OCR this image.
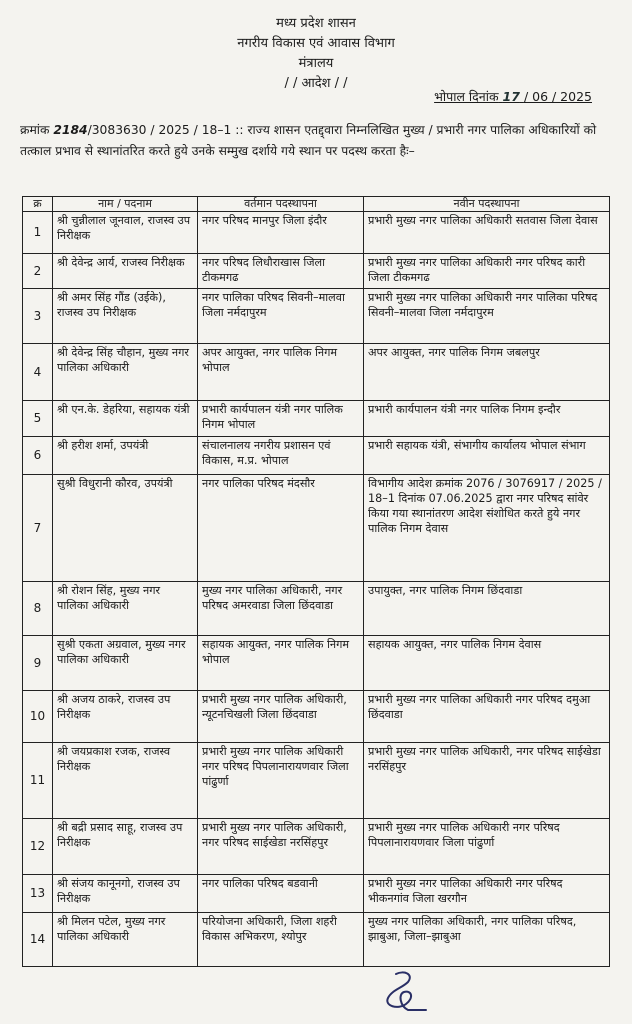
मध्य प्रदेश शासन
नगरीय विकास एवं आवास विभाग
मंत्रालय
/ / आदेश / /
भोपाल दिनांक 17 / 06 / 2025
क्रमांक 2184/3083630 / 2025 / 18–1 :: राज्य शासन एतद्द्वारा निम्नलिखित मुख्य / प्रभारी नगर पालिका अधिकारियों को तत्काल प्रभाव से स्थानांतरित करते हुये उनके सम्मुख दर्शाये गये स्थान पर पदस्थ करता हैः–
क्र	नाम / पदनाम	वर्तमान पदस्थापना	नवीन पदस्थापना
1	श्री चुन्नीलाल जूनवाल, राजस्व उप निरीक्षक	नगर परिषद मानपुर जिला इंदौर	प्रभारी मुख्य नगर पालिका अधिकारी सतवास जिला देवास
2	श्री देवेन्द्र आर्य, राजस्व निरीक्षक	नगर परिषद लिधौराखास जिला टीकमगढ	प्रभारी मुख्य नगर पालिका अधिकारी नगर परिषद कारी जिला टीकमगढ
3	श्री अमर सिंह गौंड (उईके), राजस्व उप निरीक्षक	नगर पालिका परिषद सिवनी–मालवा जिला नर्मदापुरम	प्रभारी मुख्य नगर पालिका अधिकारी नगर पालिका परिषद सिवनी–मालवा जिला नर्मदापुरम
4	श्री देवेन्द्र सिंह चौहान, मुख्य नगर पालिका अधिकारी	अपर आयुक्त, नगर पालिक निगम भोपाल	अपर आयुक्त, नगर पालिक निगम जबलपुर
5	श्री एन.के. डेहरिया, सहायक यंत्री	प्रभारी कार्यपालन यंत्री नगर पालिक निगम भोपाल	प्रभारी कार्यपालन यंत्री नगर पालिक निगम इन्दौर
6	श्री हरीश शर्मा, उपयंत्री	संचालनालय नगरीय प्रशासन एवं विकास, म.प्र. भोपाल	प्रभारी सहायक यंत्री, संभागीय कार्यालय भोपाल संभाग
7	सुश्री विधुरानी कौरव, उपयंत्री	नगर पालिका परिषद मंदसौर	विभागीय आदेश क्रमांक 2076 / 3076917 / 2025 / 18–1 दिनांक 07.06.2025 द्वारा नगर परिषद सांवेर किया गया स्थानांतरण आदेश संशोधित करते हुये नगर पालिक निगम देवास
8	श्री रोशन सिंह, मुख्य नगर पालिका अधिकारी	मुख्य नगर पालिका अधिकारी, नगर परिषद अमरवाडा जिला छिंदवाडा	उपायुक्त, नगर पालिक निगम छिंदवाडा
9	सुश्री एकता अग्रवाल, मुख्य नगर पालिका अधिकारी	सहायक आयुक्त, नगर पालिक निगम भोपाल	सहायक आयुक्त, नगर पालिक निगम देवास
10	श्री अजय ठाकरे, राजस्व उप निरीक्षक	प्रभारी मुख्य नगर पालिक अधिकारी, न्यूटनचिखली जिला छिंदवाडा	प्रभारी मुख्य नगर पालिका अधिकारी नगर परिषद दमुआ छिंदवाडा
11	श्री जयप्रकाश रजक, राजस्व निरीक्षक	प्रभारी मुख्य नगर पालिक अधिकारी नगर परिषद पिपलानारायणवार जिला पांढुर्णा	प्रभारी मुख्य नगर पालिक अधिकारी, नगर परिषद साईखेडा नरसिंहपुर
12	श्री बद्री प्रसाद साहू, राजस्व उप निरीक्षक	प्रभारी मुख्य नगर पालिक अधिकारी, नगर परिषद साईखेडा नरसिंहपुर	प्रभारी मुख्य नगर पालिक अधिकारी नगर परिषद पिपलानारायणवार जिला पांढुर्णा
13	श्री संजय कानूनगो, राजस्व उप निरीक्षक	नगर पालिका परिषद बडवानी	प्रभारी मुख्य नगर पालिका अधिकारी नगर परिषद भीकनगांव जिला खरगौन
14	श्री मिलन पटेल, मुख्य नगर पालिका अधिकारी	परियोजना अधिकारी, जिला शहरी विकास अभिकरण, श्योपुर	मुख्य नगर पालिका अधिकारी, नगर पालिका परिषद, झाबुआ, जिला–झाबुआ
